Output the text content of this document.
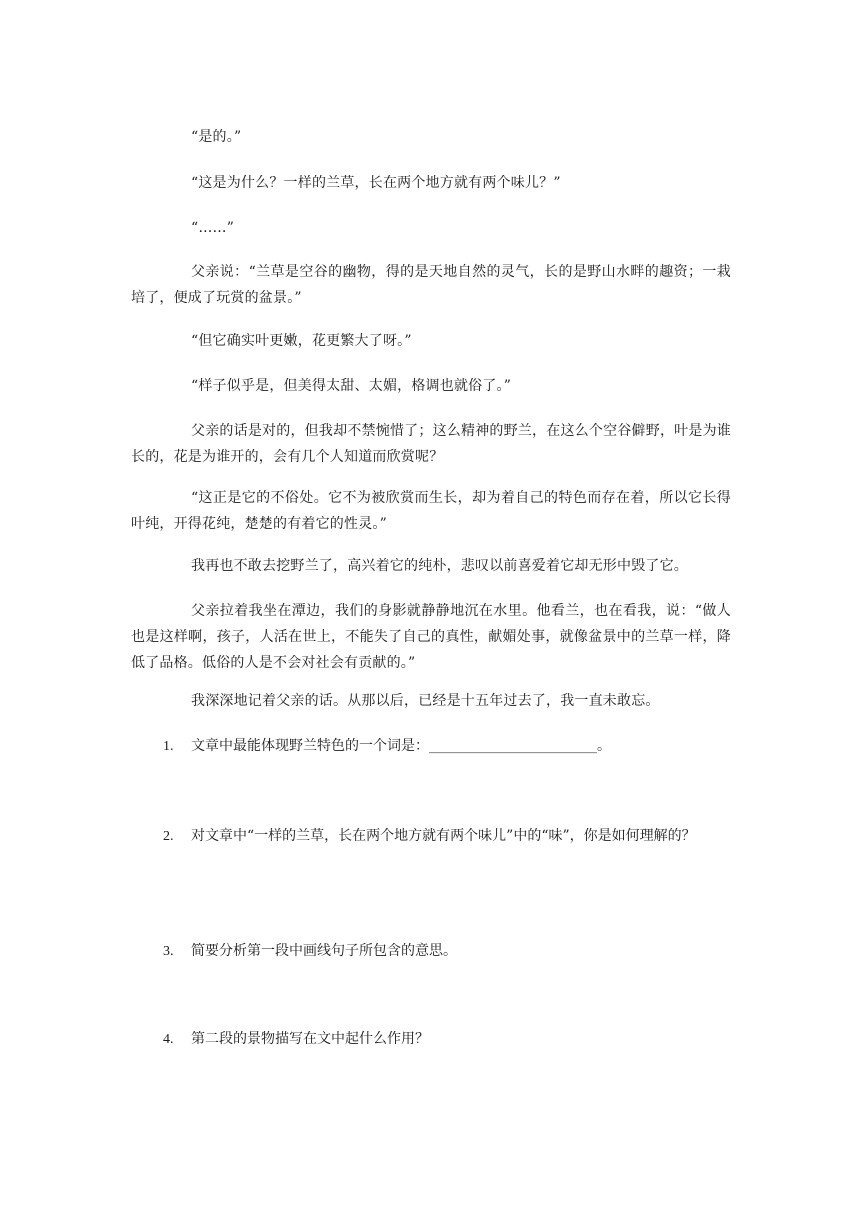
“是的。”

“这是为什么？一样的兰草，长在两个地方就有两个味儿？”

“……”

父亲说：“兰草是空谷的幽物，得的是天地自然的灵气，长的是野山水畔的趣资；一栽培了，便成了玩赏的盆景。”

“但它确实叶更嫩，花更繁大了呀。”

“样子似乎是，但美得太甜、太媚，格调也就俗了。”

父亲的话是对的，但我却不禁惋惜了；这么精神的野兰，在这么个空谷僻野，叶是为谁长的，花是为谁开的，会有几个人知道而欣赏呢？

“这正是它的不俗处。它不为被欣赏而生长，却为着自己的特色而存在着，所以它长得叶纯，开得花纯，楚楚的有着它的性灵。”

我再也不敢去挖野兰了，高兴着它的纯朴，悲叹以前喜爱着它却无形中毁了它。

父亲拉着我坐在潭边，我们的身影就静静地沉在水里。他看兰，也在看我，说：“做人也是这样啊，孩子，人活在世上，不能失了自己的真性，献媚处事，就像盆景中的兰草一样，降低了品格。低俗的人是不会对社会有贡献的。”

我深深地记着父亲的话。从那以后，已经是十五年过去了，我一直未敢忘。

1. 文章中最能体现野兰特色的一个词是：________________________。

2. 对文章中“一样的兰草，长在两个地方就有两个味儿”中的“味”，你是如何理解的？

3. 简要分析第一段中画线句子所包含的意思。

4. 第二段的景物描写在文中起什么作用？
